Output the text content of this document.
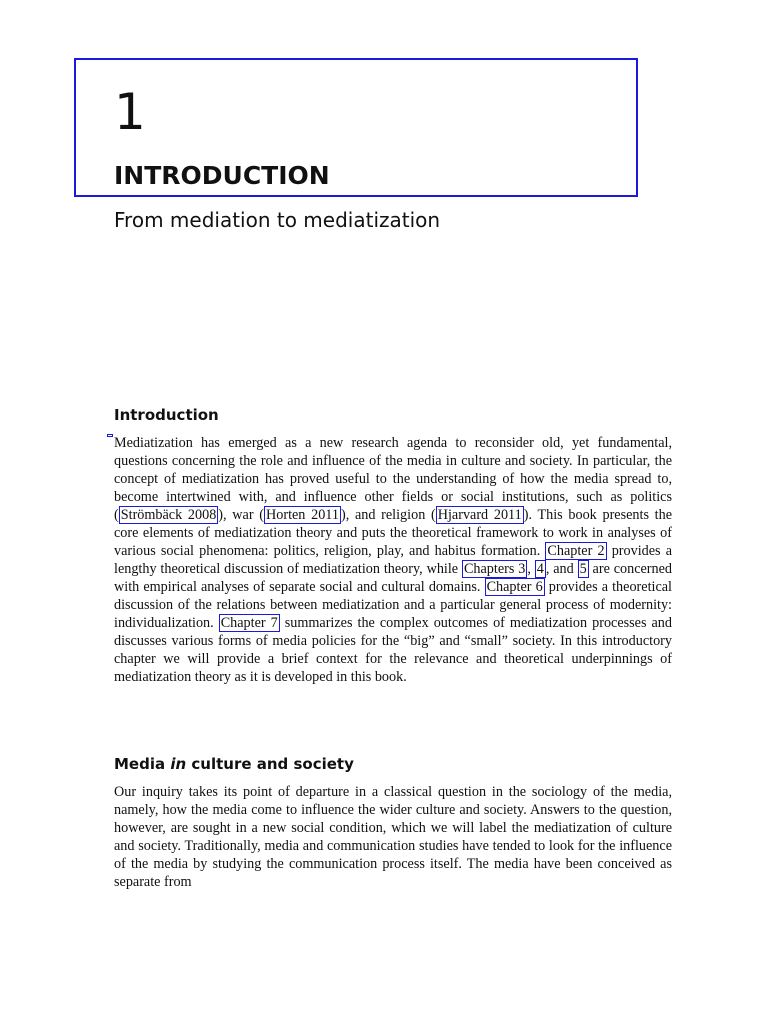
1
INTRODUCTION
From mediation to mediatization
Introduction

Mediatization has emerged as a new research agenda to reconsider old, yet fundamental, questions concerning the role and influence of the media in culture and society. In particular, the concept of mediatization has proved useful to the understanding of how the media spread to, become intertwined with, and influence other fields or social institutions, such as politics ( Strömbäck 2008 ), war ( Horten 2011 ), and religion ( Hjarvard 2011 ). This book presents the core elements of mediatization theory and puts the theoretical framework to work in analyses of various social phenomena: politics, religion, play, and habitus formation. Chapter 2 provides a lengthy theoretical discussion of mediatization theory, while Chapters 3 , 4 , and 5 are concerned with empirical analyses of separate social and cultural domains. Chapter 6 provides a theoretical discussion of the relations between mediatization and a particular general process of modernity: individualization. Chapter 7 summarizes the complex outcomes of mediatization processes and discusses various forms of media policies for the “big” and “small” society. In this introductory chapter we will provide a brief context for the relevance and theoretical underpinnings of mediatization theory as it is developed in this book.

Media in culture and society

Our inquiry takes its point of departure in a classical question in the sociology of the media, namely, how the media come to influence the wider culture and society. Answers to the question, however, are sought in a new social condition, which we will label the mediatization of culture and society. Traditionally, media and communication studies have tended to look for the influence of the media by studying the communication process itself. The media have been conceived as separate from
